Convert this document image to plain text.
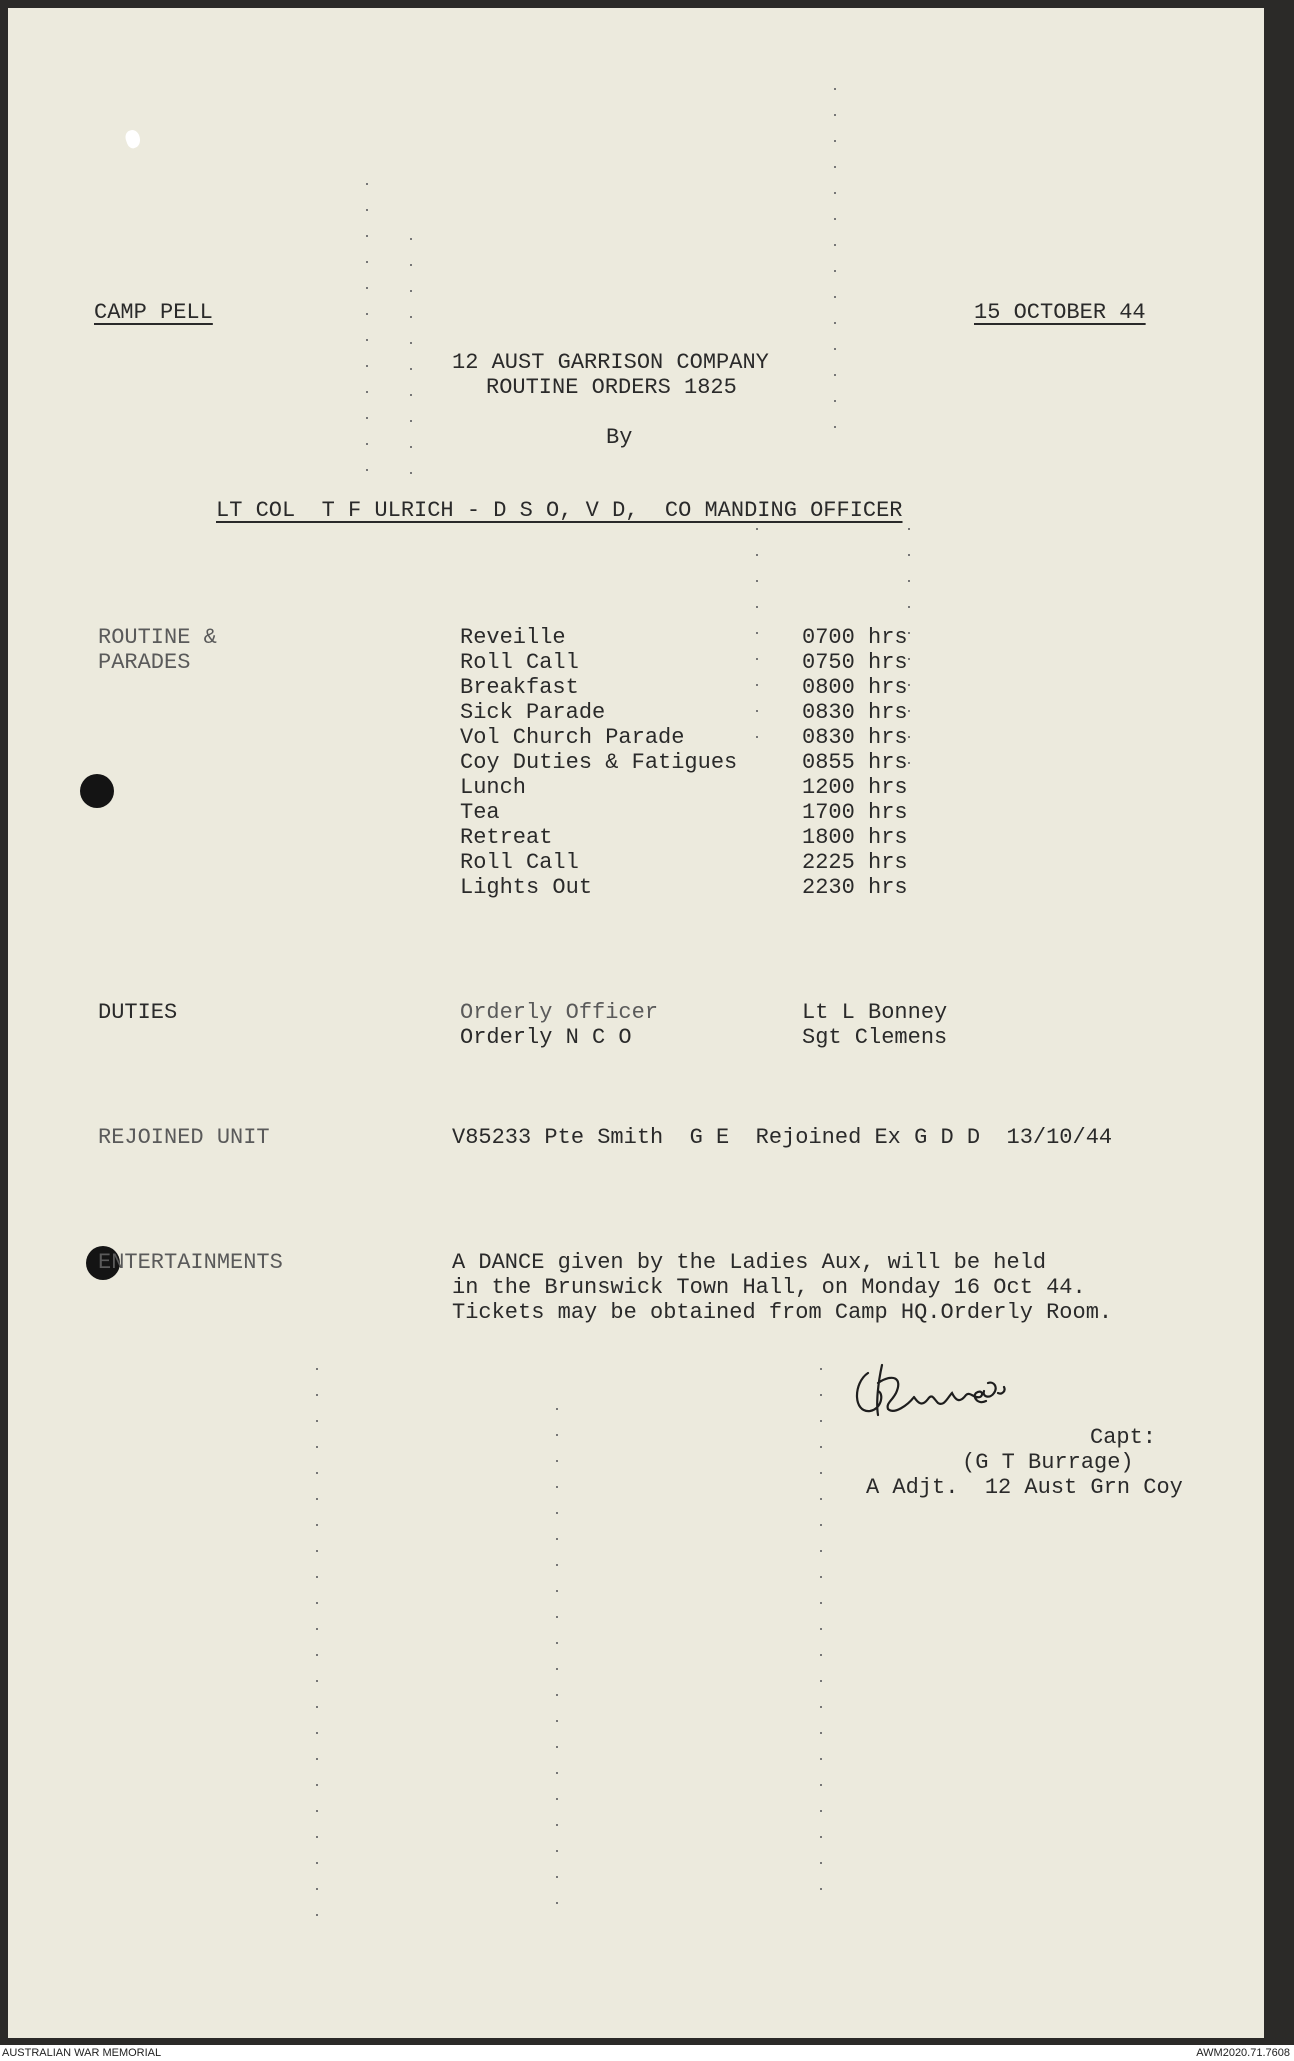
CAMP PELL	15 OCTOBER 44
12 AUST GARRISON COMPANY
ROUTINE ORDERS 1825
By
LT COL  T F ULRICH - D S O, V D,  CO MANDING OFFICER
ROUTINE &
PARADES
Reveille	0700 hrs
Roll Call	0750 hrs
Breakfast	0800 hrs
Sick Parade	0830 hrs
Vol Church Parade	0830 hrs
Coy Duties & Fatigues	0855 hrs
Lunch	1200 hrs
Tea	1700 hrs
Retreat	1800 hrs
Roll Call	2225 hrs
Lights Out	2230 hrs
DUTIES	Orderly Officer	Lt L Bonney
Orderly N C O	Sgt Clemens
REJOINED UNIT	V85233 Pte Smith  G E  Rejoined Ex G D D  13/10/44
ENTERTAINMENTS	A DANCE given by the Ladies Aux, will be held
in the Brunswick Town Hall, on Monday 16 Oct 44.
Tickets may be obtained from Camp HQ.Orderly Room.
Capt:
(G T Burrage)
A Adjt.  12 Aust Grn Coy
AUSTRALIAN WAR MEMORIAL	AWM2020.71.7608
